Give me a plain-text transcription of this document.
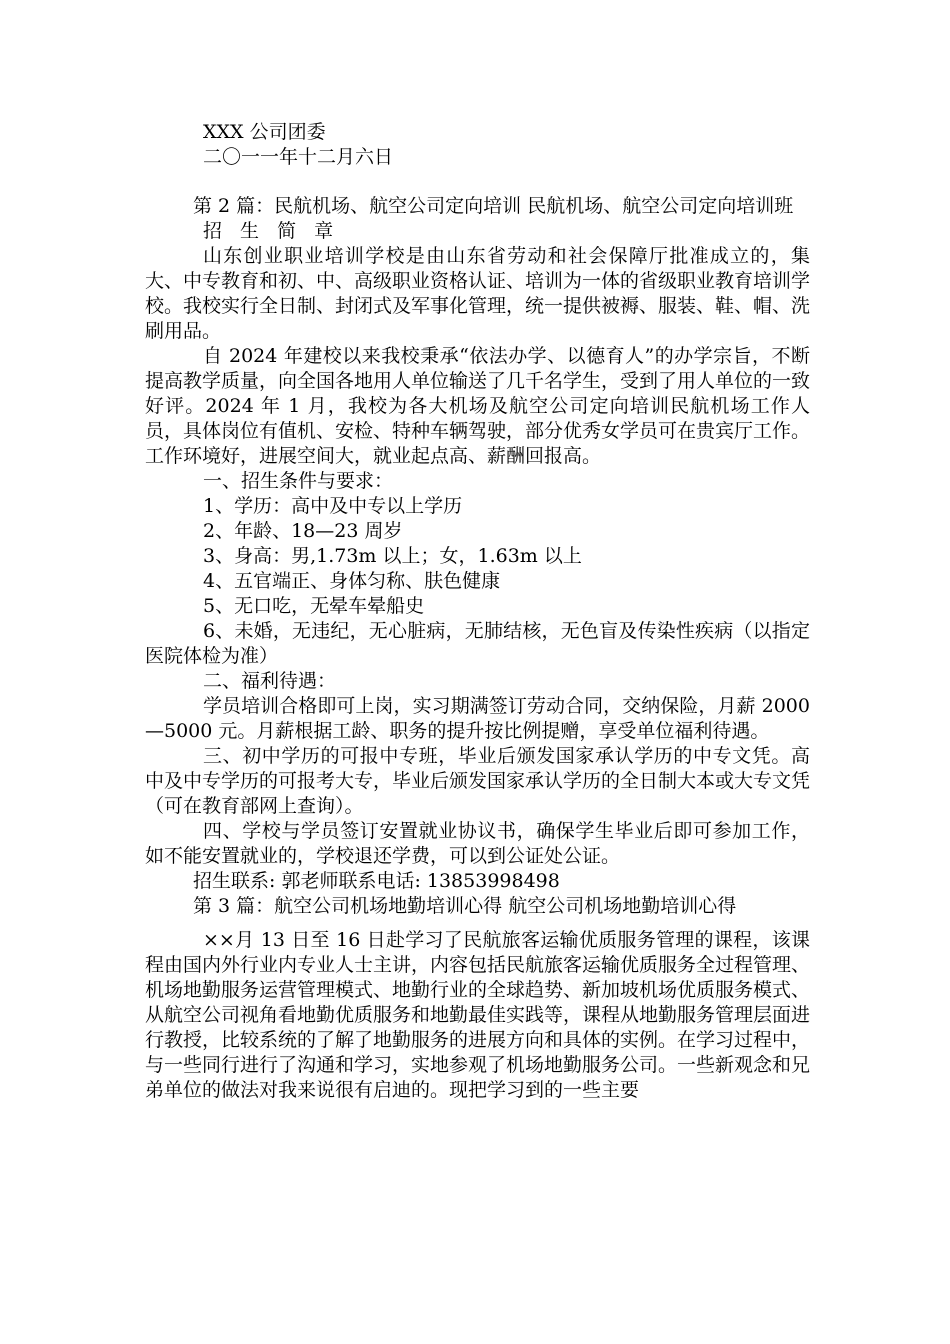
XXX 公司团委

二〇一一年十二月六日

第 2 篇：民航机场、航空公司定向培训 民航机场、航空公司定向培训班

招 生 简 章

山东创业职业培训学校是由山东省劳动和社会保障厅批准成立的，集大、中专教育和初、中、高级职业资格认证、培训为一体的省级职业教育培训学校。我校实行全日制、封闭式及军事化管理，统一提供被褥、服装、鞋、帽、洗刷用品。

自 2024 年建校以来我校秉承“依法办学、以德育人”的办学宗旨，不断提高教学质量，向全国各地用人单位输送了几千名学生，受到了用人单位的一致好评。2024 年 1 月，我校为各大机场及航空公司定向培训民航机场工作人员，具体岗位有值机、安检、特种车辆驾驶，部分优秀女学员可在贵宾厅工作。工作环境好，进展空间大，就业起点高、薪酬回报高。

一、招生条件与要求：

1、学历：高中及中专以上学历

2、年龄、18—23 周岁

3、身高：男,1.73m 以上；女，1.63m 以上

4、五官端正、身体匀称、肤色健康

5、无口吃，无晕车晕船史

6、未婚，无违纪，无心脏病，无肺结核，无色盲及传染性疾病（以指定医院体检为准）

二、福利待遇：

学员培训合格即可上岗，实习期满签订劳动合同，交纳保险，月薪 2000—5000 元。月薪根据工龄、职务的提升按比例提赠，享受单位福利待遇。

三、初中学历的可报中专班，毕业后颁发国家承认学历的中专文凭。高中及中专学历的可报考大专，毕业后颁发国家承认学历的全日制大本或大专文凭（可在教育部网上查询）。

四、学校与学员签订安置就业协议书，确保学生毕业后即可参加工作，如不能安置就业的，学校退还学费，可以到公证处公证。

招生联系: 郭老师联系电话: 13853998498

第 3 篇：航空公司机场地勤培训心得 航空公司机场地勤培训心得

××月 13 日至 16 日赴学习了民航旅客运输优质服务管理的课程，该课程由国内外行业内专业人士主讲，内容包括民航旅客运输优质服务全过程管理、机场地勤服务运营管理模式、地勤行业的全球趋势、新加坡机场优质服务模式、从航空公司视角看地勤优质服务和地勤最佳实践等，课程从地勤服务管理层面进行教授，比较系统的了解了地勤服务的进展方向和具体的实例。在学习过程中，与一些同行进行了沟通和学习，实地参观了机场地勤服务公司。一些新观念和兄弟单位的做法对我来说很有启迪的。现把学习到的一些主要
